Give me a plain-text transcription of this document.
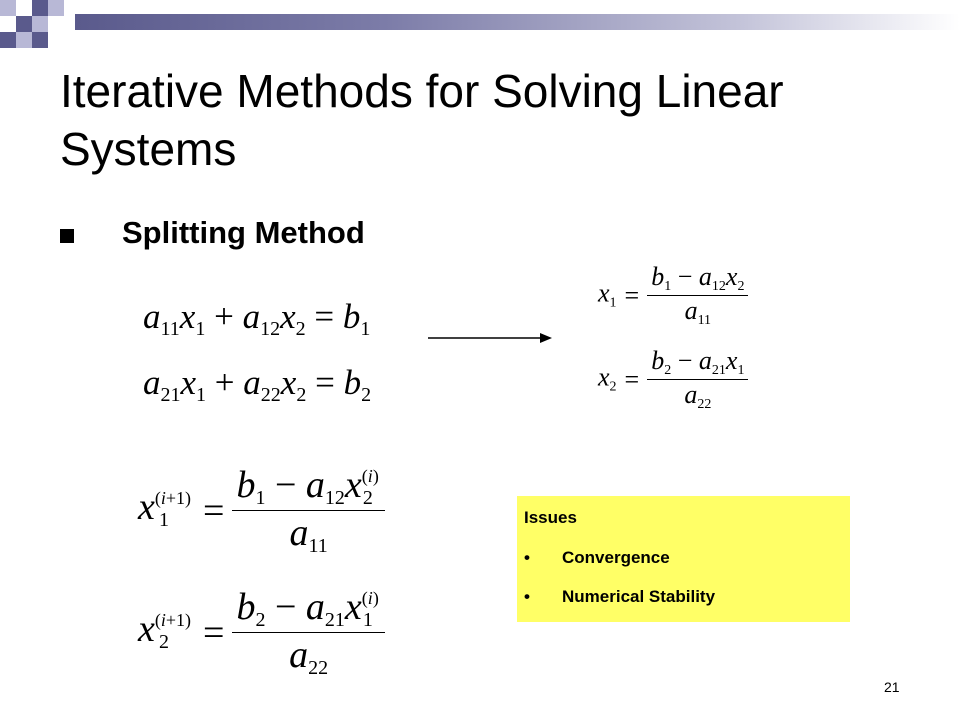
Iterative Methods for Solving Linear Systems
Splitting Method
$a_{11}x_1 + a_{12}x_2 = b_1$
$a_{21}x_1 + a_{22}x_2 = b_2$
$x_1 = \frac{b_1 - a_{12}x_2}{a_{11}}$
$x_2 = \frac{b_2 - a_{21}x_1}{a_{22}}$
$x^{(i+1)}_1 = \frac{b_1 - a_{12}x^{(i)}_2}{a_{11}}$
$x^{(i+1)}_2 = \frac{b_2 - a_{21}x^{(i)}_1}{a_{22}}$
Issues
• Convergence
• Numerical Stability
21
